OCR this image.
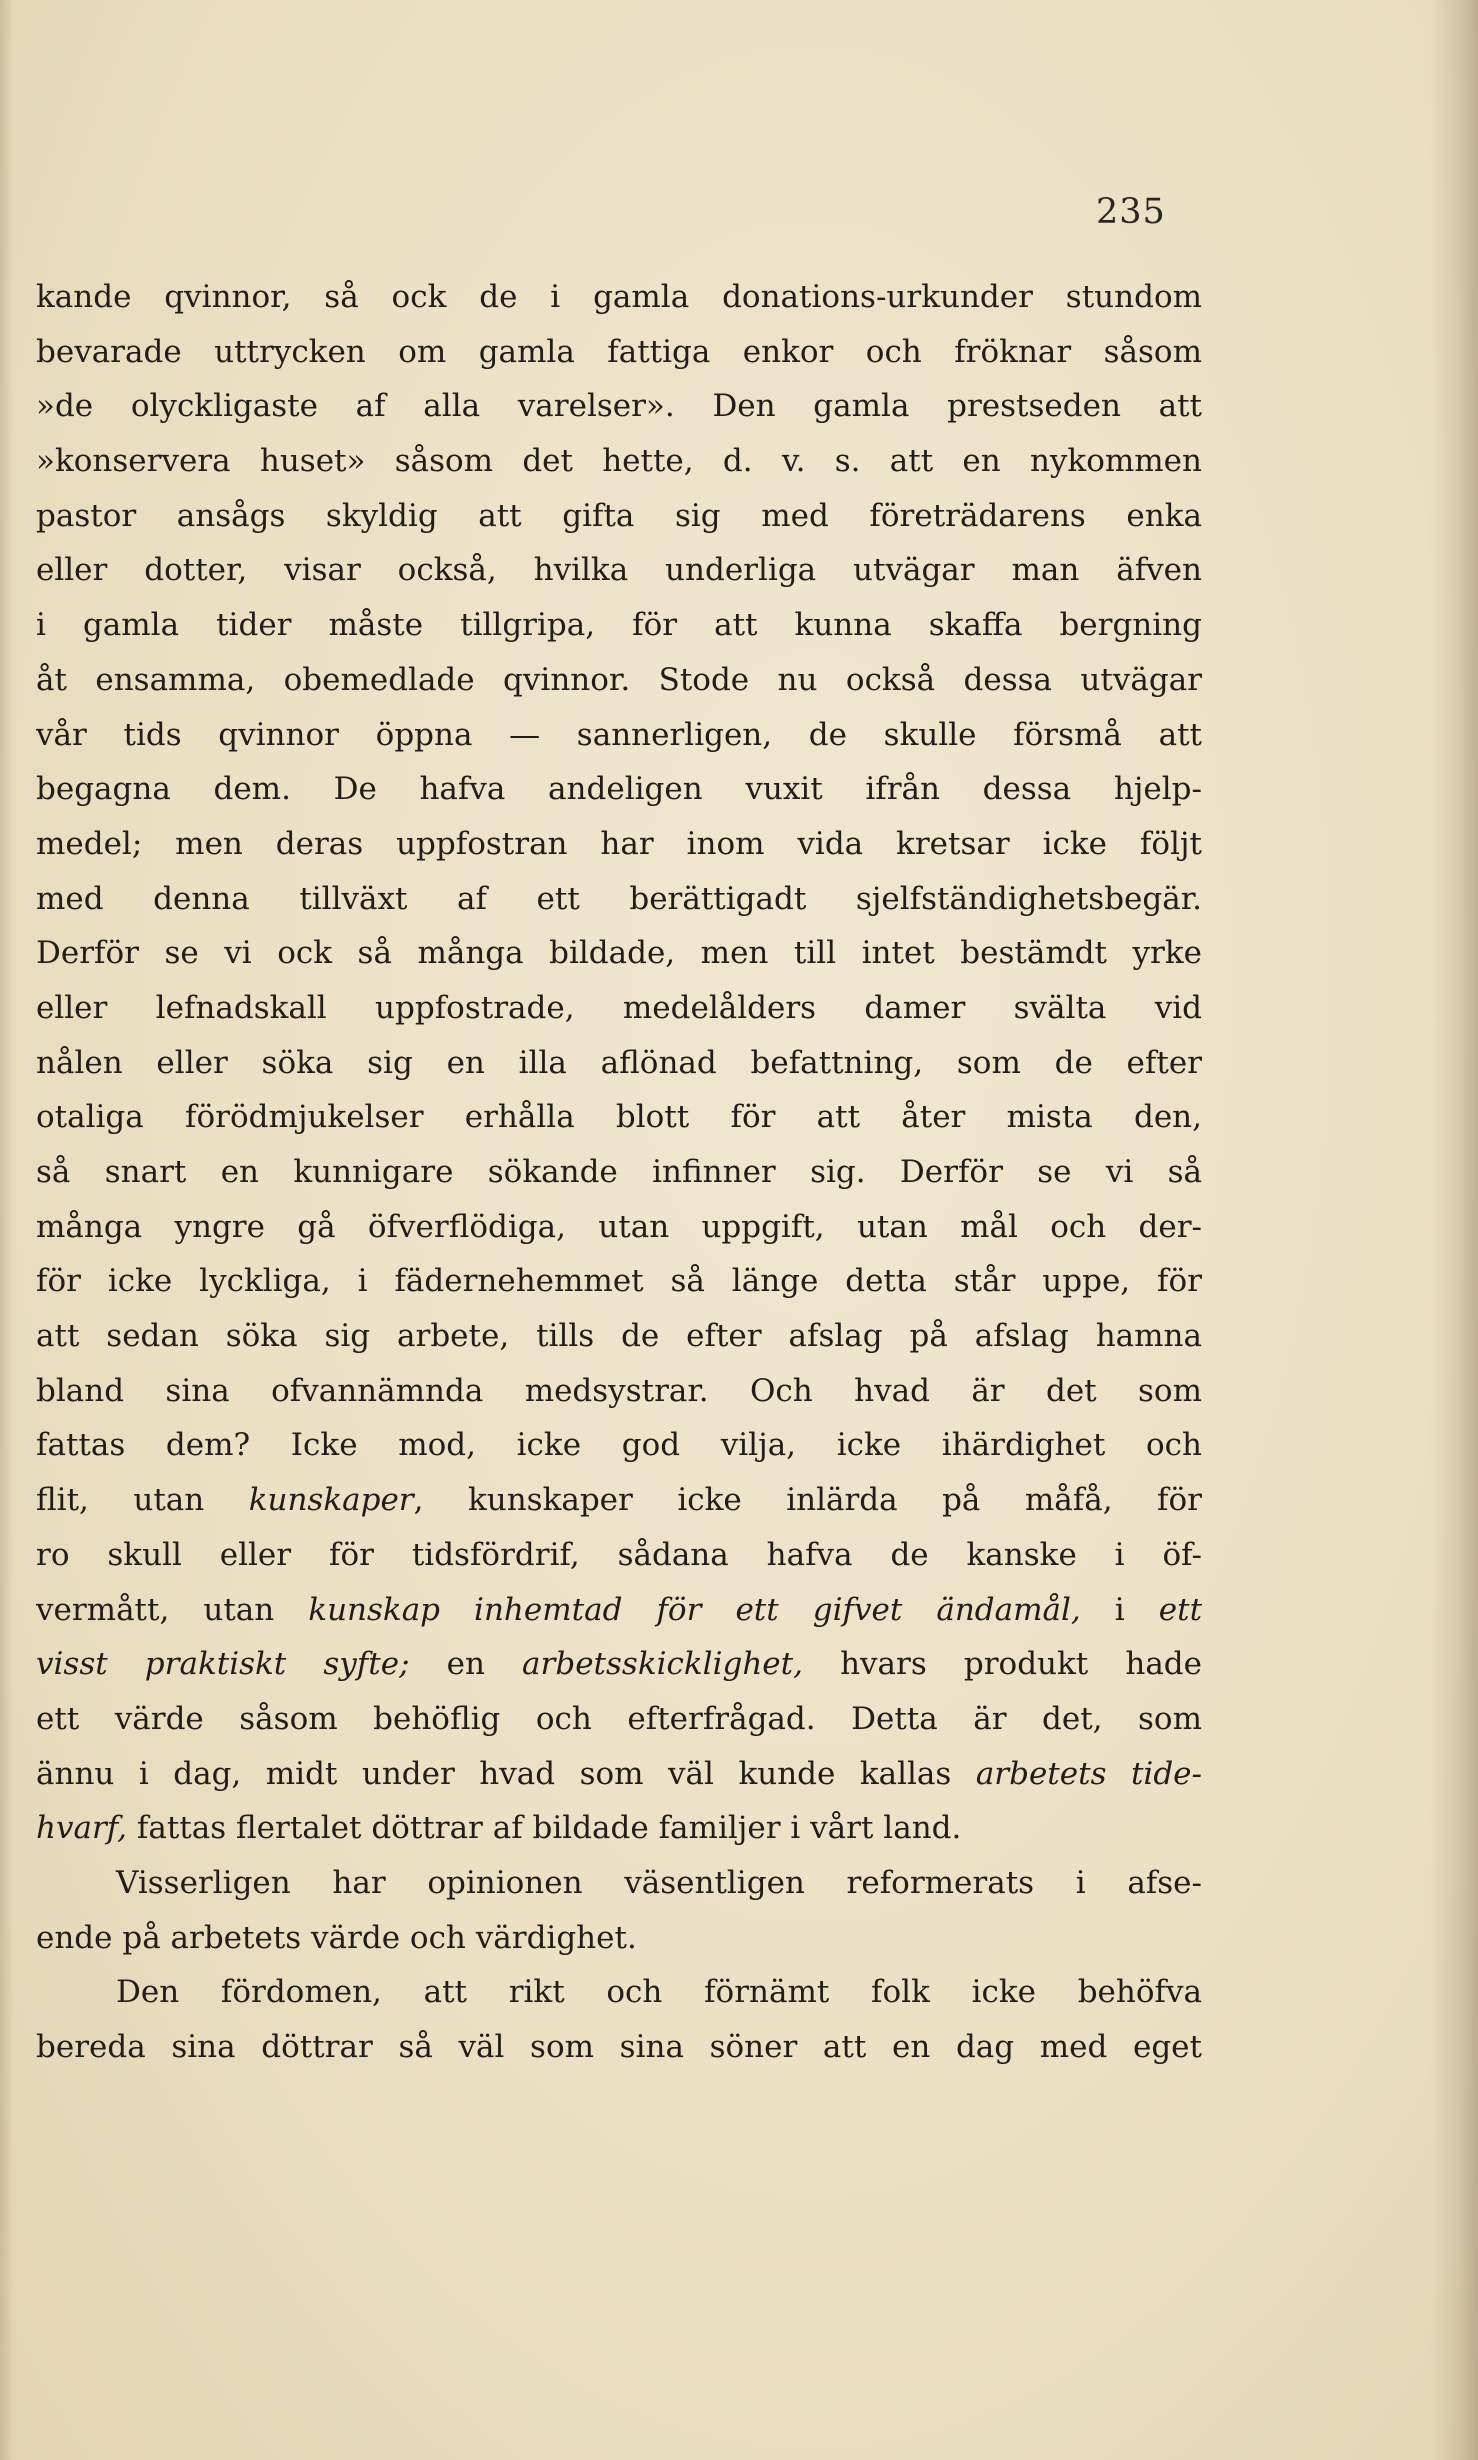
235
kande qvinnor, så ock de i gamla donations-urkunder stundom
bevarade uttrycken om gamla fattiga enkor och fröknar såsom
»de olyckligaste af alla varelser». Den gamla prestseden att
»konservera huset» såsom det hette, d. v. s. att en nykommen
pastor ansågs skyldig att gifta sig med företrädarens enka
eller dotter, visar också, hvilka underliga utvägar man äfven
i gamla tider måste tillgripa, för att kunna skaffa bergning
åt ensamma, obemedlade qvinnor. Stode nu också dessa utvägar
vår tids qvinnor öppna — sannerligen, de skulle försmå att
begagna dem. De hafva andeligen vuxit ifrån dessa hjelp-
medel; men deras uppfostran har inom vida kretsar icke följt
med denna tillväxt af ett berättigadt sjelfständighetsbegär.
Derför se vi ock så många bildade, men till intet bestämdt yrke
eller lefnadskall uppfostrade, medelålders damer svälta vid
nålen eller söka sig en illa aflönad befattning, som de efter
otaliga förödmjukelser erhålla blott för att åter mista den,
så snart en kunnigare sökande infinner sig. Derför se vi så
många yngre gå öfverflödiga, utan uppgift, utan mål och der-
för icke lyckliga, i fädernehemmet så länge detta står uppe, för
att sedan söka sig arbete, tills de efter afslag på afslag hamna
bland sina ofvannämnda medsystrar. Och hvad är det som
fattas dem? Icke mod, icke god vilja, icke ihärdighet och
flit, utan kunskaper, kunskaper icke inlärda på måfå, för
ro skull eller för tidsfördrif, sådana hafva de kanske i öf-
vermått, utan kunskap inhemtad för ett gifvet ändamål, i ett
visst praktiskt syfte; en arbetsskicklighet, hvars produkt hade
ett värde såsom behöflig och efterfrågad. Detta är det, som
ännu i dag, midt under hvad som väl kunde kallas arbetets tide-
hvarf, fattas flertalet döttrar af bildade familjer i vårt land.
Visserligen har opinionen väsentligen reformerats i afse-
ende på arbetets värde och värdighet.
Den fördomen, att rikt och förnämt folk icke behöfva
bereda sina döttrar så väl som sina söner att en dag med eget
